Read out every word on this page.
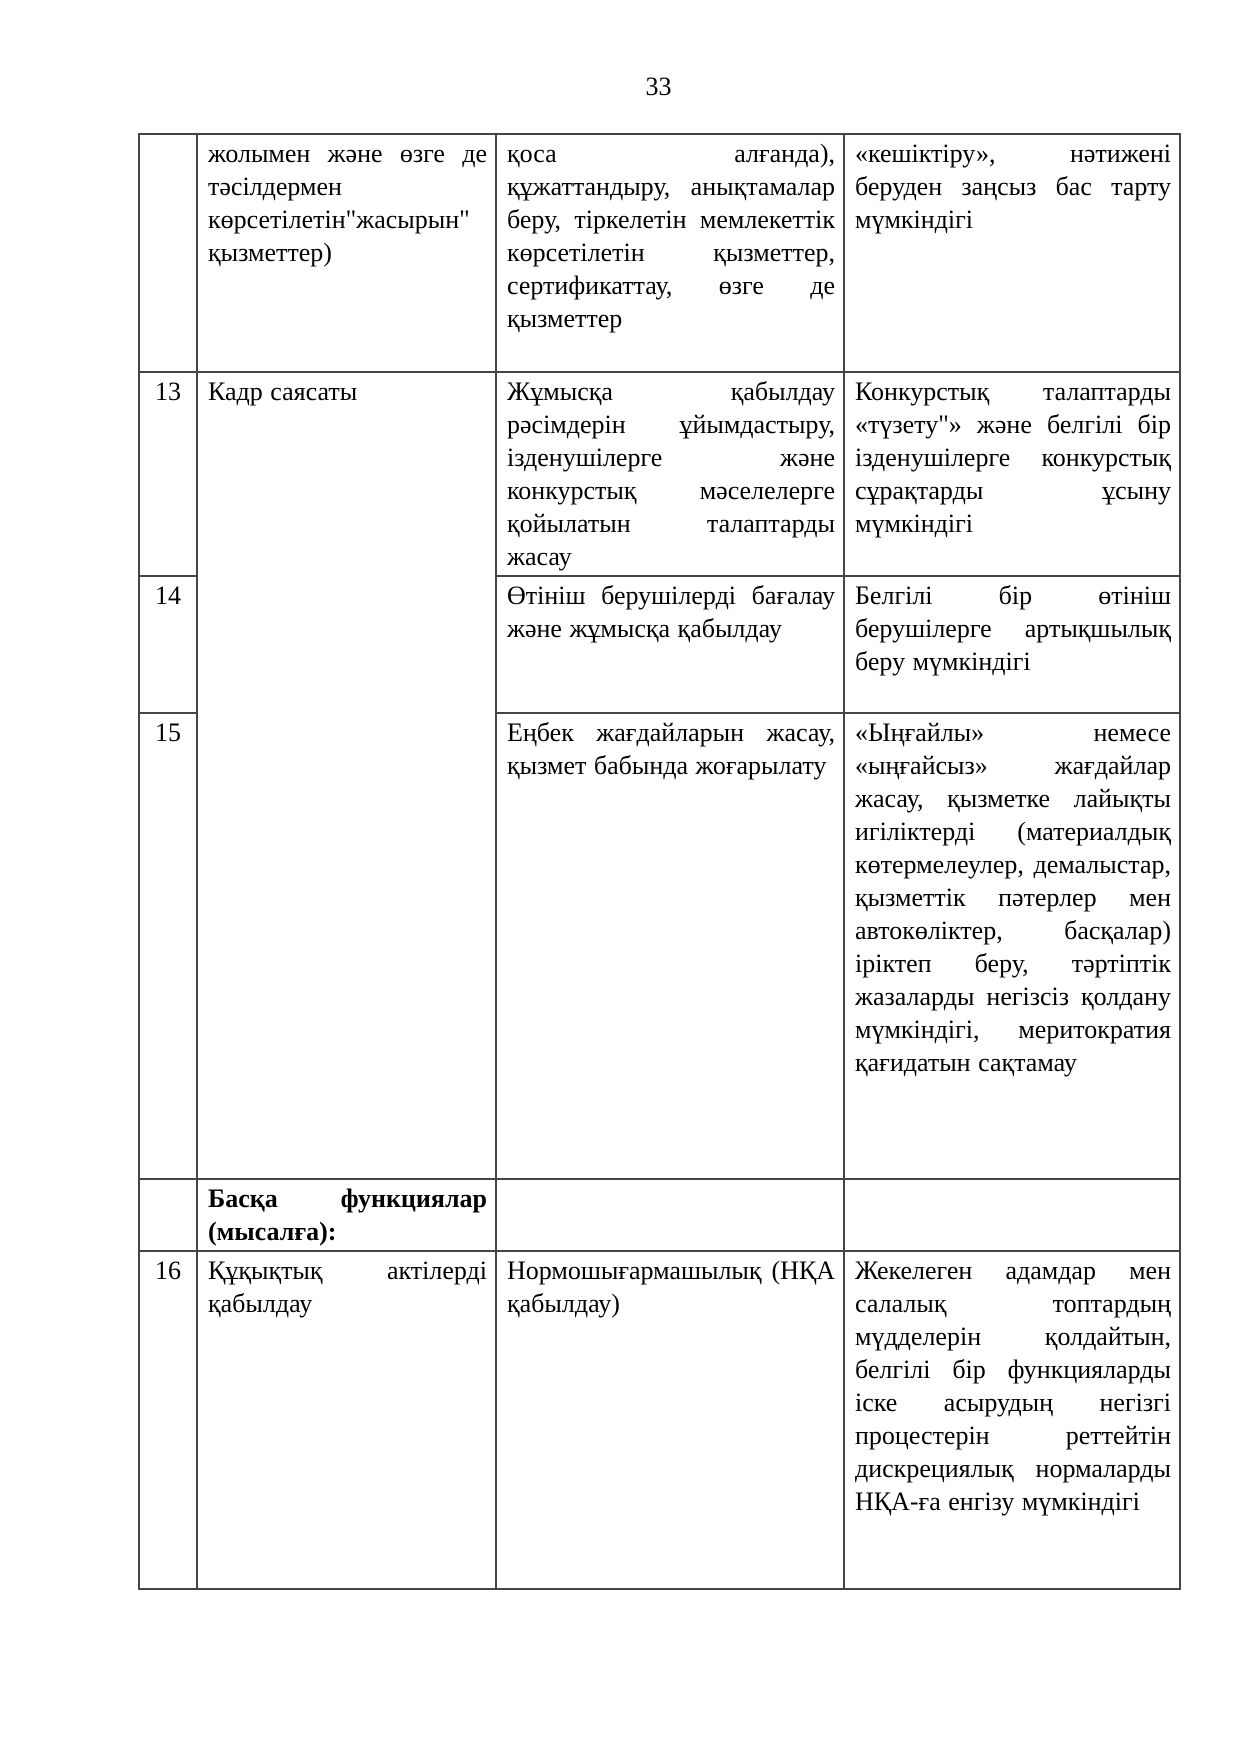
33
	жолымен және өзге де тәсілдермен көрсетілетін"жасырын" қызметтер)	қоса алғанда), құжаттандыру, анықтамалар беру, тіркелетін мемлекеттік көрсетілетін қызметтер, сертификаттау, өзге де қызметтер	«кешіктіру», нәтижені беруден заңсыз бас тарту мүмкіндігі
13	Кадр саясаты	Жұмысқа қабылдау рәсімдерін ұйымдастыру, ізденушілерге және конкурстық мәселелерге қойылатын талаптарды жасау	Конкурстық талаптарды «түзету"» және белгілі бір ізденушілерге конкурстық сұрақтарды ұсыну мүмкіндігі
14		Өтініш берушілерді бағалау және жұмысқа қабылдау	Белгілі бір өтініш берушілерге артықшылық беру мүмкіндігі
15		Еңбек жағдайларын жасау, қызмет бабында жоғарылату	«Ыңғайлы» немесе «ыңғайсыз» жағдайлар жасау, қызметке лайықты игіліктерді (материалдық көтермелеулер, демалыстар, қызметтік пәтерлер мен автокөліктер, басқалар) іріктеп беру, тәртіптік жазаларды негізсіз қолдану мүмкіндігі, меритократия қағидатын сақтамау
	Басқа функциялар (мысалға):		
16	Құқықтық актілерді қабылдау	Нормошығармашылық (НҚА қабылдау)	Жекелеген адамдар мен салалық топтардың мүдделерін қолдайтын, белгілі бір функцияларды іске асырудың негізгі процестерін реттейтін дискрециялық нормаларды НҚА-ға енгізу мүмкіндігі
